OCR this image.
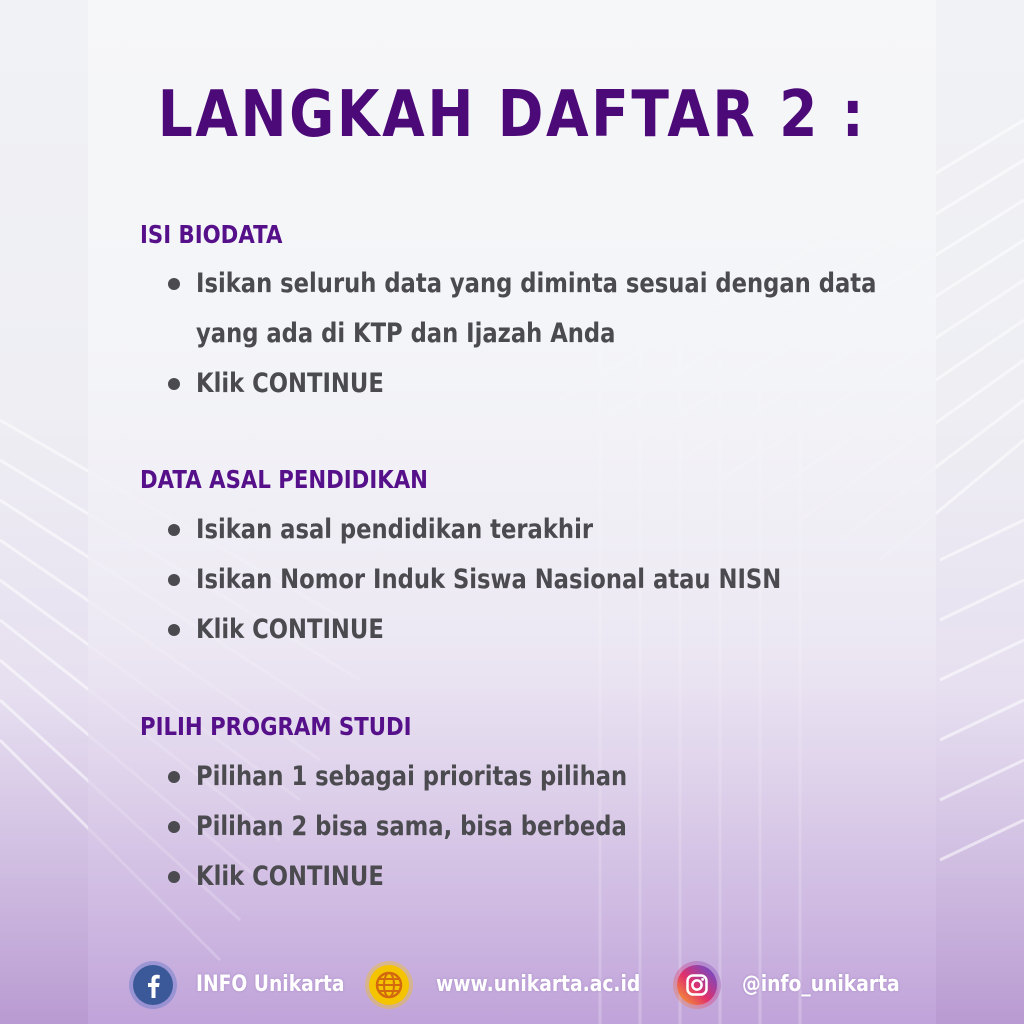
LANGKAH DAFTAR 2 :
ISI BIODATA
Isikan seluruh data yang diminta sesuai dengan data
yang ada di KTP dan Ijazah Anda
Klik CONTINUE
DATA ASAL PENDIDIKAN
Isikan asal pendidikan terakhir
Isikan Nomor Induk Siswa Nasional atau NISN
Klik CONTINUE
PILIH PROGRAM STUDI
Pilihan 1 sebagai prioritas pilihan
Pilihan 2 bisa sama, bisa berbeda
Klik CONTINUE
INFO Unikarta	www.unikarta.ac.id	@info_unikarta
